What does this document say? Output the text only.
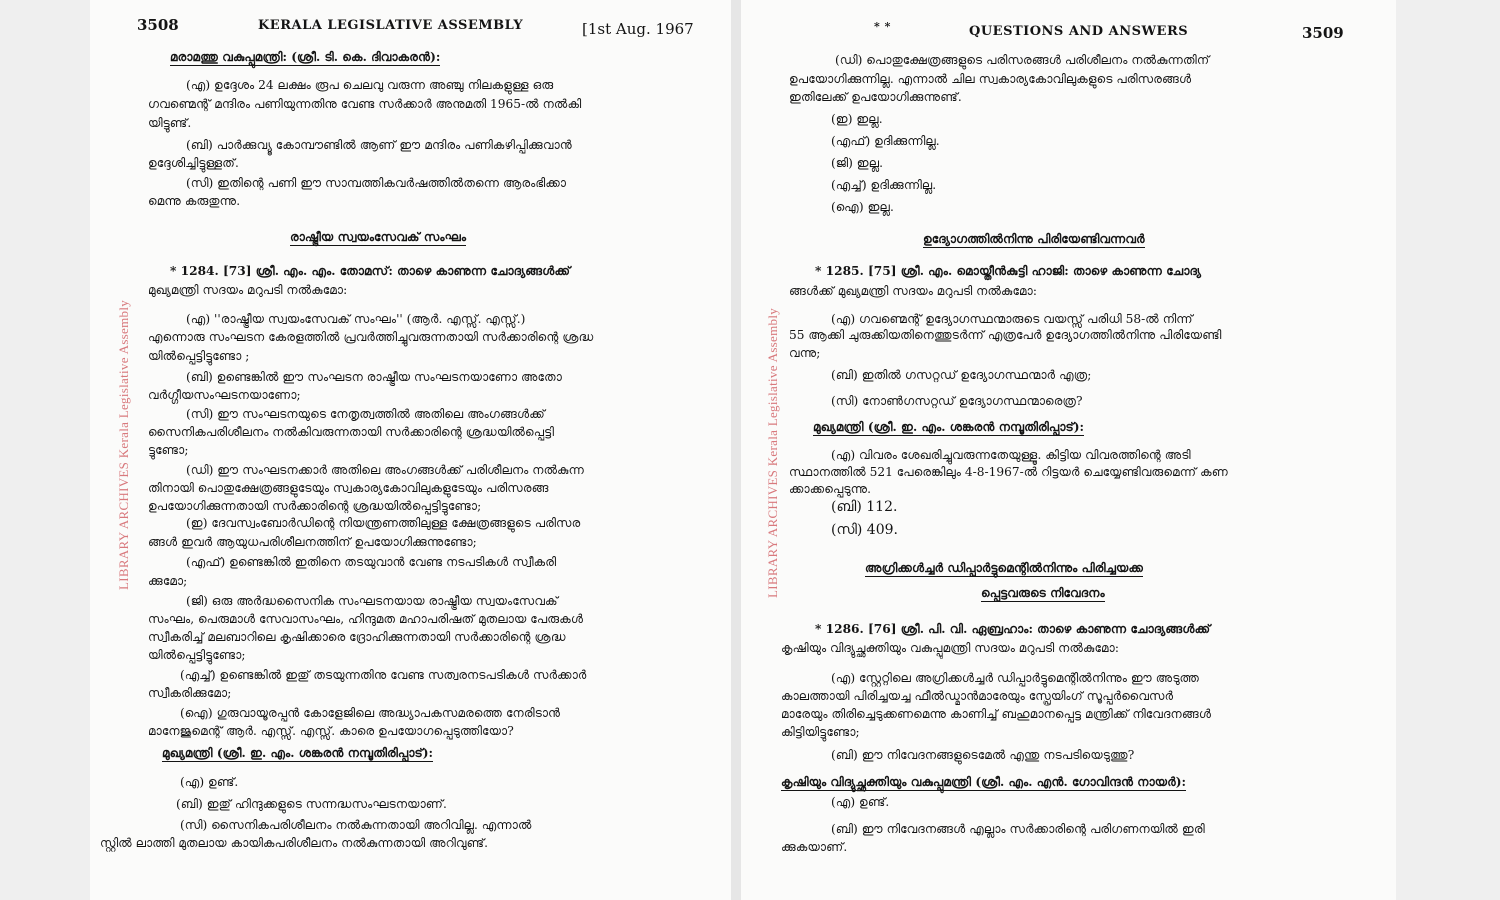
3508	KERALA LEGISLATIVE ASSEMBLY	[1st Aug. 1967
LIBRARY ARCHIVES Kerala Legislative Assembly
മരാമത്തു വകുപ്പുമന്ത്രി: (ശ്രീ. ടി. കെ. ദിവാകരൻ):
(എ) ഉദ്ദേശം 24 ലക്ഷം രൂപ ചെലവു വരുന്ന അഞ്ചു നിലകളുള്ള ഒരു
ഗവണ്മെന്റ് മന്ദിരം പണിയുന്നതിനു വേണ്ട സർക്കാർ അനുമതി 1965-ൽ നൽകി
യിട്ടുണ്ട്.
(ബി) പാർക്കുവ്യൂ കോമ്പൗണ്ടിൽ ആണ് ഈ മന്ദിരം പണികഴിപ്പിക്കുവാൻ
ഉദ്ദേശിച്ചിട്ടുള്ളത്.
(സി) ഇതിന്റെ പണി ഈ സാമ്പത്തികവർഷത്തിൽതന്നെ ആരംഭിക്കാ
മെന്നു കരുതുന്നു.
രാഷ്ട്രീയ സ്വയംസേവക് സംഘം
* 1284. [73] ശ്രീ. എം. എം. തോമസ്: താഴെ കാണുന്ന ചോദ്യങ്ങൾക്ക്
മുഖ്യമന്ത്രി സദയം മറുപടി നൽകുമോ:
(എ) ''രാഷ്ട്രീയ സ്വയംസേവക് സംഘം'' (ആർ. എസ്സ്. എസ്സ്.)
എന്നൊരു സംഘടന കേരളത്തിൽ പ്രവർത്തിച്ചുവരുന്നതായി സർക്കാരിന്റെ ശ്രദ്ധ
യിൽപ്പെട്ടിട്ടുണ്ടോ ;
(ബി) ഉണ്ടെങ്കിൽ ഈ സംഘടന രാഷ്ട്രീയ സംഘടനയാണോ അതോ
വർഗ്ഗീയസംഘടനയാണോ;
(സി) ഈ സംഘടനയുടെ നേതൃത്വത്തിൽ അതിലെ അംഗങ്ങൾക്ക്
സൈനികപരിശീലനം നൽകിവരുന്നതായി സർക്കാരിന്റെ ശ്രദ്ധയിൽപ്പെട്ടി
ട്ടുണ്ടോ;
(ഡി) ഈ സംഘടനക്കാർ അതിലെ അംഗങ്ങൾക്ക് പരിശീലനം നൽകുന്ന
തിനായി പൊതുക്ഷേത്രങ്ങളുടേയും സ്വകാര്യകോവിലുകളുടേയും പരിസരങ്ങ
ഉപയോഗിക്കുന്നതായി സർക്കാരിന്റെ ശ്രദ്ധയിൽപ്പെട്ടിട്ടുണ്ടോ;
(ഇ) ദേവസ്വംബോർഡിന്റെ നിയന്ത്രണത്തിലുള്ള ക്ഷേത്രങ്ങളുടെ പരിസര
ങ്ങൾ ഇവർ ആയുധപരിശീലനത്തിന് ഉപയോഗിക്കുന്നുണ്ടോ;
(എഫ്) ഉണ്ടെങ്കിൽ ഇതിനെ തടയുവാൻ വേണ്ട നടപടികൾ സ്വീകരി
ക്കുമോ;
(ജി) ഒരു അർദ്ധസൈനിക സംഘടനയായ രാഷ്ട്രീയ സ്വയംസേവക്
സംഘം, പെരുമാൾ സേവാസംഘം, ഹിന്ദുമത മഹാപരിഷത് മുതലായ പേരുകൾ
സ്വീകരിച്ച് മലബാറിലെ കൃഷിക്കാരെ ദ്രോഹിക്കുന്നതായി സർക്കാരിന്റെ ശ്രദ്ധ
യിൽപ്പെട്ടിട്ടുണ്ടോ;
(എച്ച്) ഉണ്ടെങ്കിൽ ഇതു് തടയുന്നതിനു വേണ്ട സത്വരനടപടികൾ സർക്കാർ
സ്വീകരിക്കുമോ;
(ഐ) ഗുരുവായൂരപ്പൻ കോളേജിലെ അദ്ധ്യാപകസമരത്തെ നേരിടാൻ
മാനേജുമെന്റ് ആർ. എസ്സ്. എസ്സ്. കാരെ ഉപയോഗപ്പെടുത്തിയോ?
മുഖ്യമന്ത്രി (ശ്രീ. ഇ. എം. ശങ്കരൻ നമ്പൂതിരിപ്പാട്):
(എ) ഉണ്ട്.
(ബി) ഇതു് ഹിന്ദുക്കളുടെ സന്നദ്ധസംഘടനയാണ്.
(സി) സൈനികപരിശീലനം നൽകുന്നതായി അറിവില്ല. എന്നാൽ
സ്റ്റിൽ ലാത്തി മുതലായ കായികപരിശീലനം നൽകുന്നതായി അറിവുണ്ട്.
* *	QUESTIONS AND ANSWERS	3509
LIBRARY ARCHIVES Kerala Legislative Assembly
(ഡി) പൊതുക്ഷേത്രങ്ങളുടെ പരിസരങ്ങൾ പരിശീലനം നൽകുന്നതിന്
ഉപയോഗിക്കുന്നില്ല. എന്നാൽ ചില സ്വകാര്യകോവിലുകളുടെ പരിസരങ്ങൾ
ഇതിലേക്ക് ഉപയോഗിക്കുന്നുണ്ട്.
(ഇ) ഇല്ല.
(എഫ്) ഉദിക്കുന്നില്ല.
(ജി) ഇല്ല.
(എച്ച്) ഉദിക്കുന്നില്ല.
(ഐ) ഇല്ല.
ഉദ്യോഗത്തിൽനിന്നു പിരിയേണ്ടിവന്നവർ
* 1285. [75] ശ്രീ. എം. മൊയ്തീൻകുട്ടി ഹാജി: താഴെ കാണുന്ന ചോദ്യ
ങ്ങൾക്ക് മുഖ്യമന്ത്രി സദയം മറുപടി നൽകുമോ:
(എ) ഗവണ്മെന്റ് ഉദ്യോഗസ്ഥന്മാരുടെ വയസ്സ് പരിധി 58-ൽ നിന്ന്
55 ആക്കി ചുരുക്കിയതിനെത്തുടർന്ന് എത്രപേർ ഉദ്യോഗത്തിൽനിന്നു പിരിയേണ്ടി
വന്നു;
(ബി) ഇതിൽ ഗസറ്റഡ് ഉദ്യോഗസ്ഥന്മാർ എത്ര;
(സി) നോൺഗസറ്റഡ് ഉദ്യോഗസ്ഥന്മാരെത്ര?
മുഖ്യമന്ത്രി (ശ്രീ. ഇ. എം. ശങ്കരൻ നമ്പൂതിരിപ്പാട്):
(എ) വിവരം ശേഖരിച്ചുവരുന്നതേയുള്ളൂ. കിട്ടിയ വിവരത്തിന്റെ അടി
സ്ഥാനത്തിൽ 521 പേരെങ്കിലും 4-8-1967-ൽ റിട്ടയർ ചെയ്യേണ്ടിവരുമെന്ന് കണ
ക്കാക്കപ്പെടുന്നു.
(ബി) 112.
(സി) 409.
അഗ്രിക്കൾച്ചർ ഡിപ്പാർട്ടുമെന്റിൽനിന്നും പിരിച്ചയക്ക
പ്പെട്ടവരുടെ നിവേദനം
* 1286. [76] ശ്രീ. പി. വി. ഏബ്രഹാം: താഴെ കാണുന്ന ചോദ്യങ്ങൾക്ക്
കൃഷിയും വിദ്യുച്ഛക്തിയും വകുപ്പുമന്ത്രി സദയം മറുപടി നൽകുമോ:
(എ) സ്റ്റേറ്റിലെ അഗ്രിക്കൾച്ചർ ഡിപ്പാർട്ടുമെന്റിൽനിന്നും ഈ അടുത്ത
കാലത്തായി പിരിച്ചയച്ച ഫീൽഡ്മാൻമാരേയും സ്പ്രേയിംഗ് സൂപ്പർവൈസർ
മാരേയും തിരിച്ചെടുക്കണമെന്നു കാണിച്ച് ബഹുമാനപ്പെട്ട മന്ത്രിക്ക് നിവേദനങ്ങൾ
കിട്ടിയിട്ടുണ്ടോ;
(ബി) ഈ നിവേദനങ്ങളുടെമേൽ എന്തു നടപടിയെടുത്തു?
കൃഷിയും വിദ്യുച്ഛക്തിയും വകുപ്പുമന്ത്രി (ശ്രീ. എം. എൻ. ഗോവിന്ദൻ നായർ):
(എ) ഉണ്ട്.
(ബി) ഈ നിവേദനങ്ങൾ എല്ലാം സർക്കാരിന്റെ പരിഗണനയിൽ ഇരി
ക്കുകയാണ്.
